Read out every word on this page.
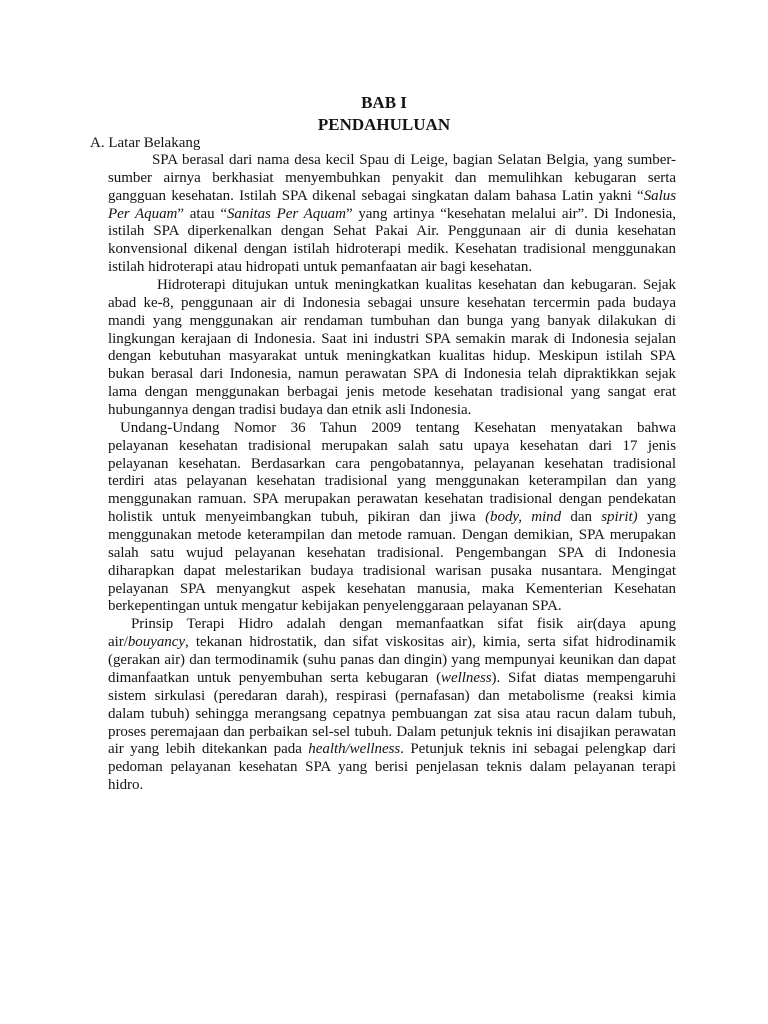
BAB I
PENDAHULUAN
A. Latar Belakang
SPA berasal dari nama desa kecil Spau di Leige, bagian Selatan Belgia, yang sumber-
sumber airnya berkhasiat menyembuhkan penyakit dan memulihkan kebugaran serta
gangguan kesehatan. Istilah SPA dikenal sebagai singkatan dalam bahasa Latin yakni “Salus
Per Aquam” atau “Sanitas Per Aquam” yang artinya “kesehatan melalui air”. Di Indonesia,
istilah SPA diperkenalkan dengan Sehat Pakai Air. Penggunaan air di dunia kesehatan
konvensional dikenal dengan istilah hidroterapi medik. Kesehatan tradisional menggunakan
istilah hidroterapi atau hidropati untuk pemanfaatan air bagi kesehatan.
Hidroterapi ditujukan untuk meningkatkan kualitas kesehatan dan kebugaran. Sejak
abad ke-8, penggunaan air di Indonesia sebagai unsure kesehatan tercermin pada budaya
mandi yang menggunakan air rendaman tumbuhan dan bunga yang banyak dilakukan di
lingkungan kerajaan di Indonesia. Saat ini industri SPA semakin marak di Indonesia sejalan
dengan kebutuhan masyarakat untuk meningkatkan kualitas hidup. Meskipun istilah SPA
bukan berasal dari Indonesia, namun perawatan SPA di Indonesia telah dipraktikkan sejak
lama dengan menggunakan berbagai jenis metode kesehatan tradisional yang sangat erat
hubungannya dengan tradisi budaya dan etnik asli Indonesia.
Undang-Undang Nomor 36 Tahun 2009 tentang Kesehatan menyatakan bahwa
pelayanan kesehatan tradisional merupakan salah satu upaya kesehatan dari 17 jenis
pelayanan kesehatan. Berdasarkan cara pengobatannya, pelayanan kesehatan tradisional
terdiri atas pelayanan kesehatan tradisional yang menggunakan keterampilan dan yang
menggunakan ramuan. SPA merupakan perawatan kesehatan tradisional dengan pendekatan
holistik untuk menyeimbangkan tubuh, pikiran dan jiwa (body, mind dan spirit) yang
menggunakan metode keterampilan dan metode ramuan. Dengan demikian, SPA merupakan
salah satu wujud pelayanan kesehatan tradisional. Pengembangan SPA di Indonesia
diharapkan dapat melestarikan budaya tradisional warisan pusaka nusantara. Mengingat
pelayanan SPA menyangkut aspek kesehatan manusia, maka Kementerian Kesehatan
berkepentingan untuk mengatur kebijakan penyelenggaraan pelayanan SPA.
Prinsip Terapi Hidro adalah dengan memanfaatkan sifat fisik air(daya apung
air/bouyancy, tekanan hidrostatik, dan sifat viskositas air), kimia, serta sifat hidrodinamik
(gerakan air) dan termodinamik (suhu panas dan dingin) yang mempunyai keunikan dan dapat
dimanfaatkan untuk penyembuhan serta kebugaran (wellness). Sifat diatas mempengaruhi
sistem sirkulasi (peredaran darah), respirasi (pernafasan) dan metabolisme (reaksi kimia
dalam tubuh) sehingga merangsang cepatnya pembuangan zat sisa atau racun dalam tubuh,
proses peremajaan dan perbaikan sel-sel tubuh. Dalam petunjuk teknis ini disajikan perawatan
air yang lebih ditekankan pada health/wellness. Petunjuk teknis ini sebagai pelengkap dari
pedoman pelayanan kesehatan SPA yang berisi penjelasan teknis dalam pelayanan terapi
hidro.
